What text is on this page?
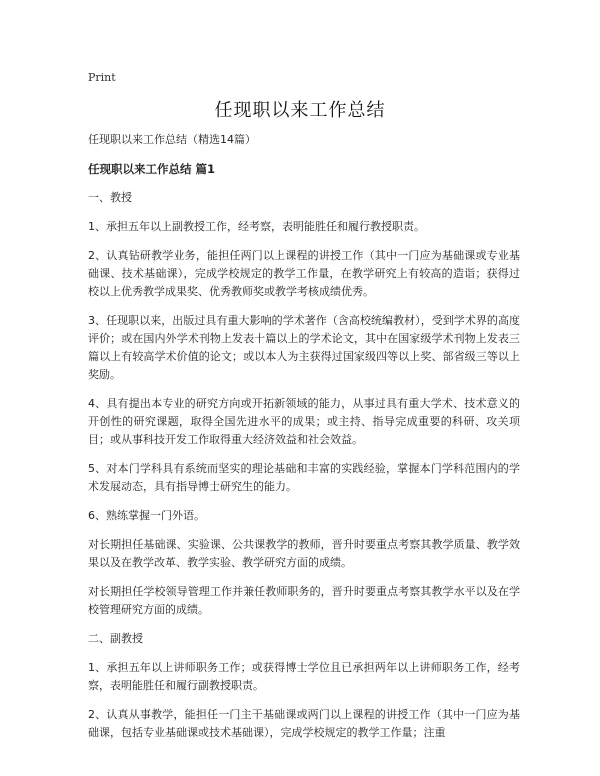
Print
任现职以来工作总结

任现职以来工作总结（精选14篇）

任现职以来工作总结 篇1

一、教授

1、承担五年以上副教授工作，经考察，表明能胜任和履行教授职责。

2、认真钻研教学业务，能担任两门以上课程的讲授工作（其中一门应为基础课或专业基础课、技术基础课），完成学校规定的教学工作量，在教学研究上有较高的造诣；获得过校以上优秀教学成果奖、优秀教师奖或教学考核成绩优秀。

3、任现职以来，出版过具有重大影响的学术著作（含高校统编教材），受到学术界的高度评价；或在国内外学术刊物上发表十篇以上的学术论文，其中在国家级学术刊物上发表三篇以上有较高学术价值的论文；或以本人为主获得过国家级四等以上奖、部省级三等以上奖励。

4、具有提出本专业的研究方向或开拓新领域的能力，从事过具有重大学术、技术意义的开创性的研究课题，取得全国先进水平的成果；或主持、指导完成重要的科研、攻关项目；或从事科技开发工作取得重大经济效益和社会效益。

5、对本门学科具有系统而坚实的理论基础和丰富的实践经验，掌握本门学科范围内的学术发展动态，具有指导博士研究生的能力。

6、熟练掌握一门外语。

对长期担任基础课、实验课、公共课教学的教师，晋升时要重点考察其教学质量、教学效果以及在教学改革、教学实验、教学研究方面的成绩。

对长期担任学校领导管理工作并兼任教师职务的，晋升时要重点考察其教学水平以及在学校管理研究方面的成绩。

二、副教授

1、承担五年以上讲师职务工作；或获得博士学位且已承担两年以上讲师职务工作，经考察，表明能胜任和履行副教授职责。

2、认真从事教学，能担任一门主干基础课或两门以上课程的讲授工作（其中一门应为基础课，包括专业基础课或技术基础课），完成学校规定的教学工作量；注重
